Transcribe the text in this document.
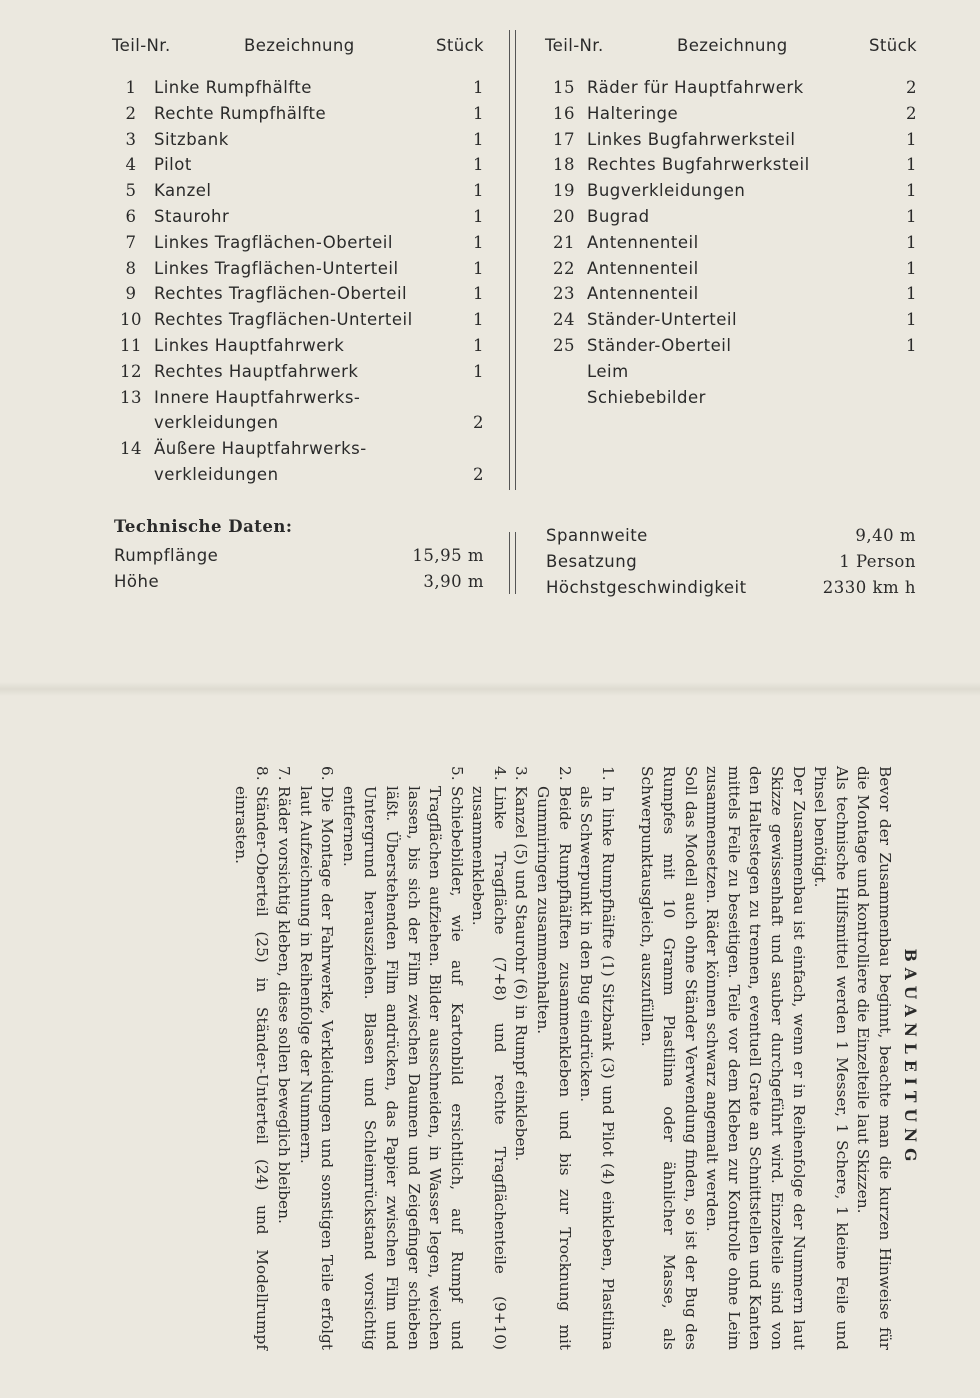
Teil-Nr.	Bezeichnung	Stück
1	Linke Rumpfhälfte	1
2	Rechte Rumpfhälfte	1
3	Sitzbank	1
4	Pilot	1
5	Kanzel	1
6	Staurohr	1
7	Linkes Tragflächen-Oberteil	1
8	Linkes Tragflächen-Unterteil	1
9	Rechtes Tragflächen-Oberteil	1
10 Rechtes Tragflächen-Unterteil	1
11 Linkes Hauptfahrwerk	1
12 Rechtes Hauptfahrwerk	1
13 Innere Hauptfahrwerks-
verkleidungen	2
14 Äußere Hauptfahrwerks-
verkleidungen	2
Teil-Nr.	Bezeichnung	Stück
15 Räder für Hauptfahrwerk	2
16 Halteringe	2
17 Linkes Bugfahrwerksteil	1
18 Rechtes Bugfahrwerksteil	1
19 Bugverkleidungen	1
20 Bugrad	1
21 Antennenteil	1
22 Antennenteil	1
23 Antennenteil	1
24 Ständer-Unterteil	1
25 Ständer-Oberteil	1
Leim
Schiebebilder
Technische Daten:
Rumpflänge	15,95 m
Höhe	3,90 m
Spannweite	9,40 m
Besatzung	1 Person
Höchstgeschwindigkeit	2330 km h
BAUANLEITUNG

Bevor der Zusammenbau beginnt, beachte man die kurzen Hinweise für die Montage und kontrolliere die Einzelteile laut Skizzen.

Als technische Hilfsmittel werden 1 Messer, 1 Schere, 1 kleine Feile und Pinsel benötigt.

Der Zusammenbau ist einfach, wenn er in Reihenfolge der Nummern laut Skizze gewissenhaft und sauber durchgeführt wird. Einzelteile sind von den Haltestegen zu trennen, eventuell Grate an Schnittstellen und Kanten mittels Feile zu beseitigen. Teile vor dem Kleben zur Kontrolle ohne Leim zusammensetzen. Räder können schwarz angemalt werden.

Soll das Modell auch ohne Ständer Verwendung finden, so ist der Bug des Rumpfes mit 10 Gramm Plastilina oder ähnlicher Masse, als Schwerpunktausgleich, auszufüllen.

1.
In linke Rumpfhälfte (1) Sitzbank (3) und Pilot (4) einkleben, Plastilina als Schwerpunkt in den Bug eindrücken.
2.
Beide Rumpfhälften zusammenkleben und bis zur Trocknung mit Gummiringen zusammenhalten.
3.
Kanzel (5) und Staurohr (6) in Rumpf einkleben.
4.
Linke Tragfläche (7+8) und rechte Tragflächenteile (9+10) zusammenkleben.
5.
Schiebebilder, wie auf Kartonbild ersichtlich, auf Rumpf und Tragflächen aufziehen. Bilder ausschneiden, in Wasser legen, weichen lassen, bis sich der Film zwischen Daumen und Zeigefinger schieben läßt. Überstehenden Film andrücken, das Papier zwischen Film und Untergrund herausziehen. Blasen und Schleimrückstand vorsichtig entfernen.
6.
Die Montage der Fahrwerke, Verkleidungen und sonstigen Teile erfolgt laut Aufzeichnung in Reihenfolge der Nummern.
7.
Räder vorsichtig kleben, diese sollen beweglich bleiben.
8.
Ständer-Oberteil (25) in Ständer-Unterteil (24) und Modellrumpf einrasten.
